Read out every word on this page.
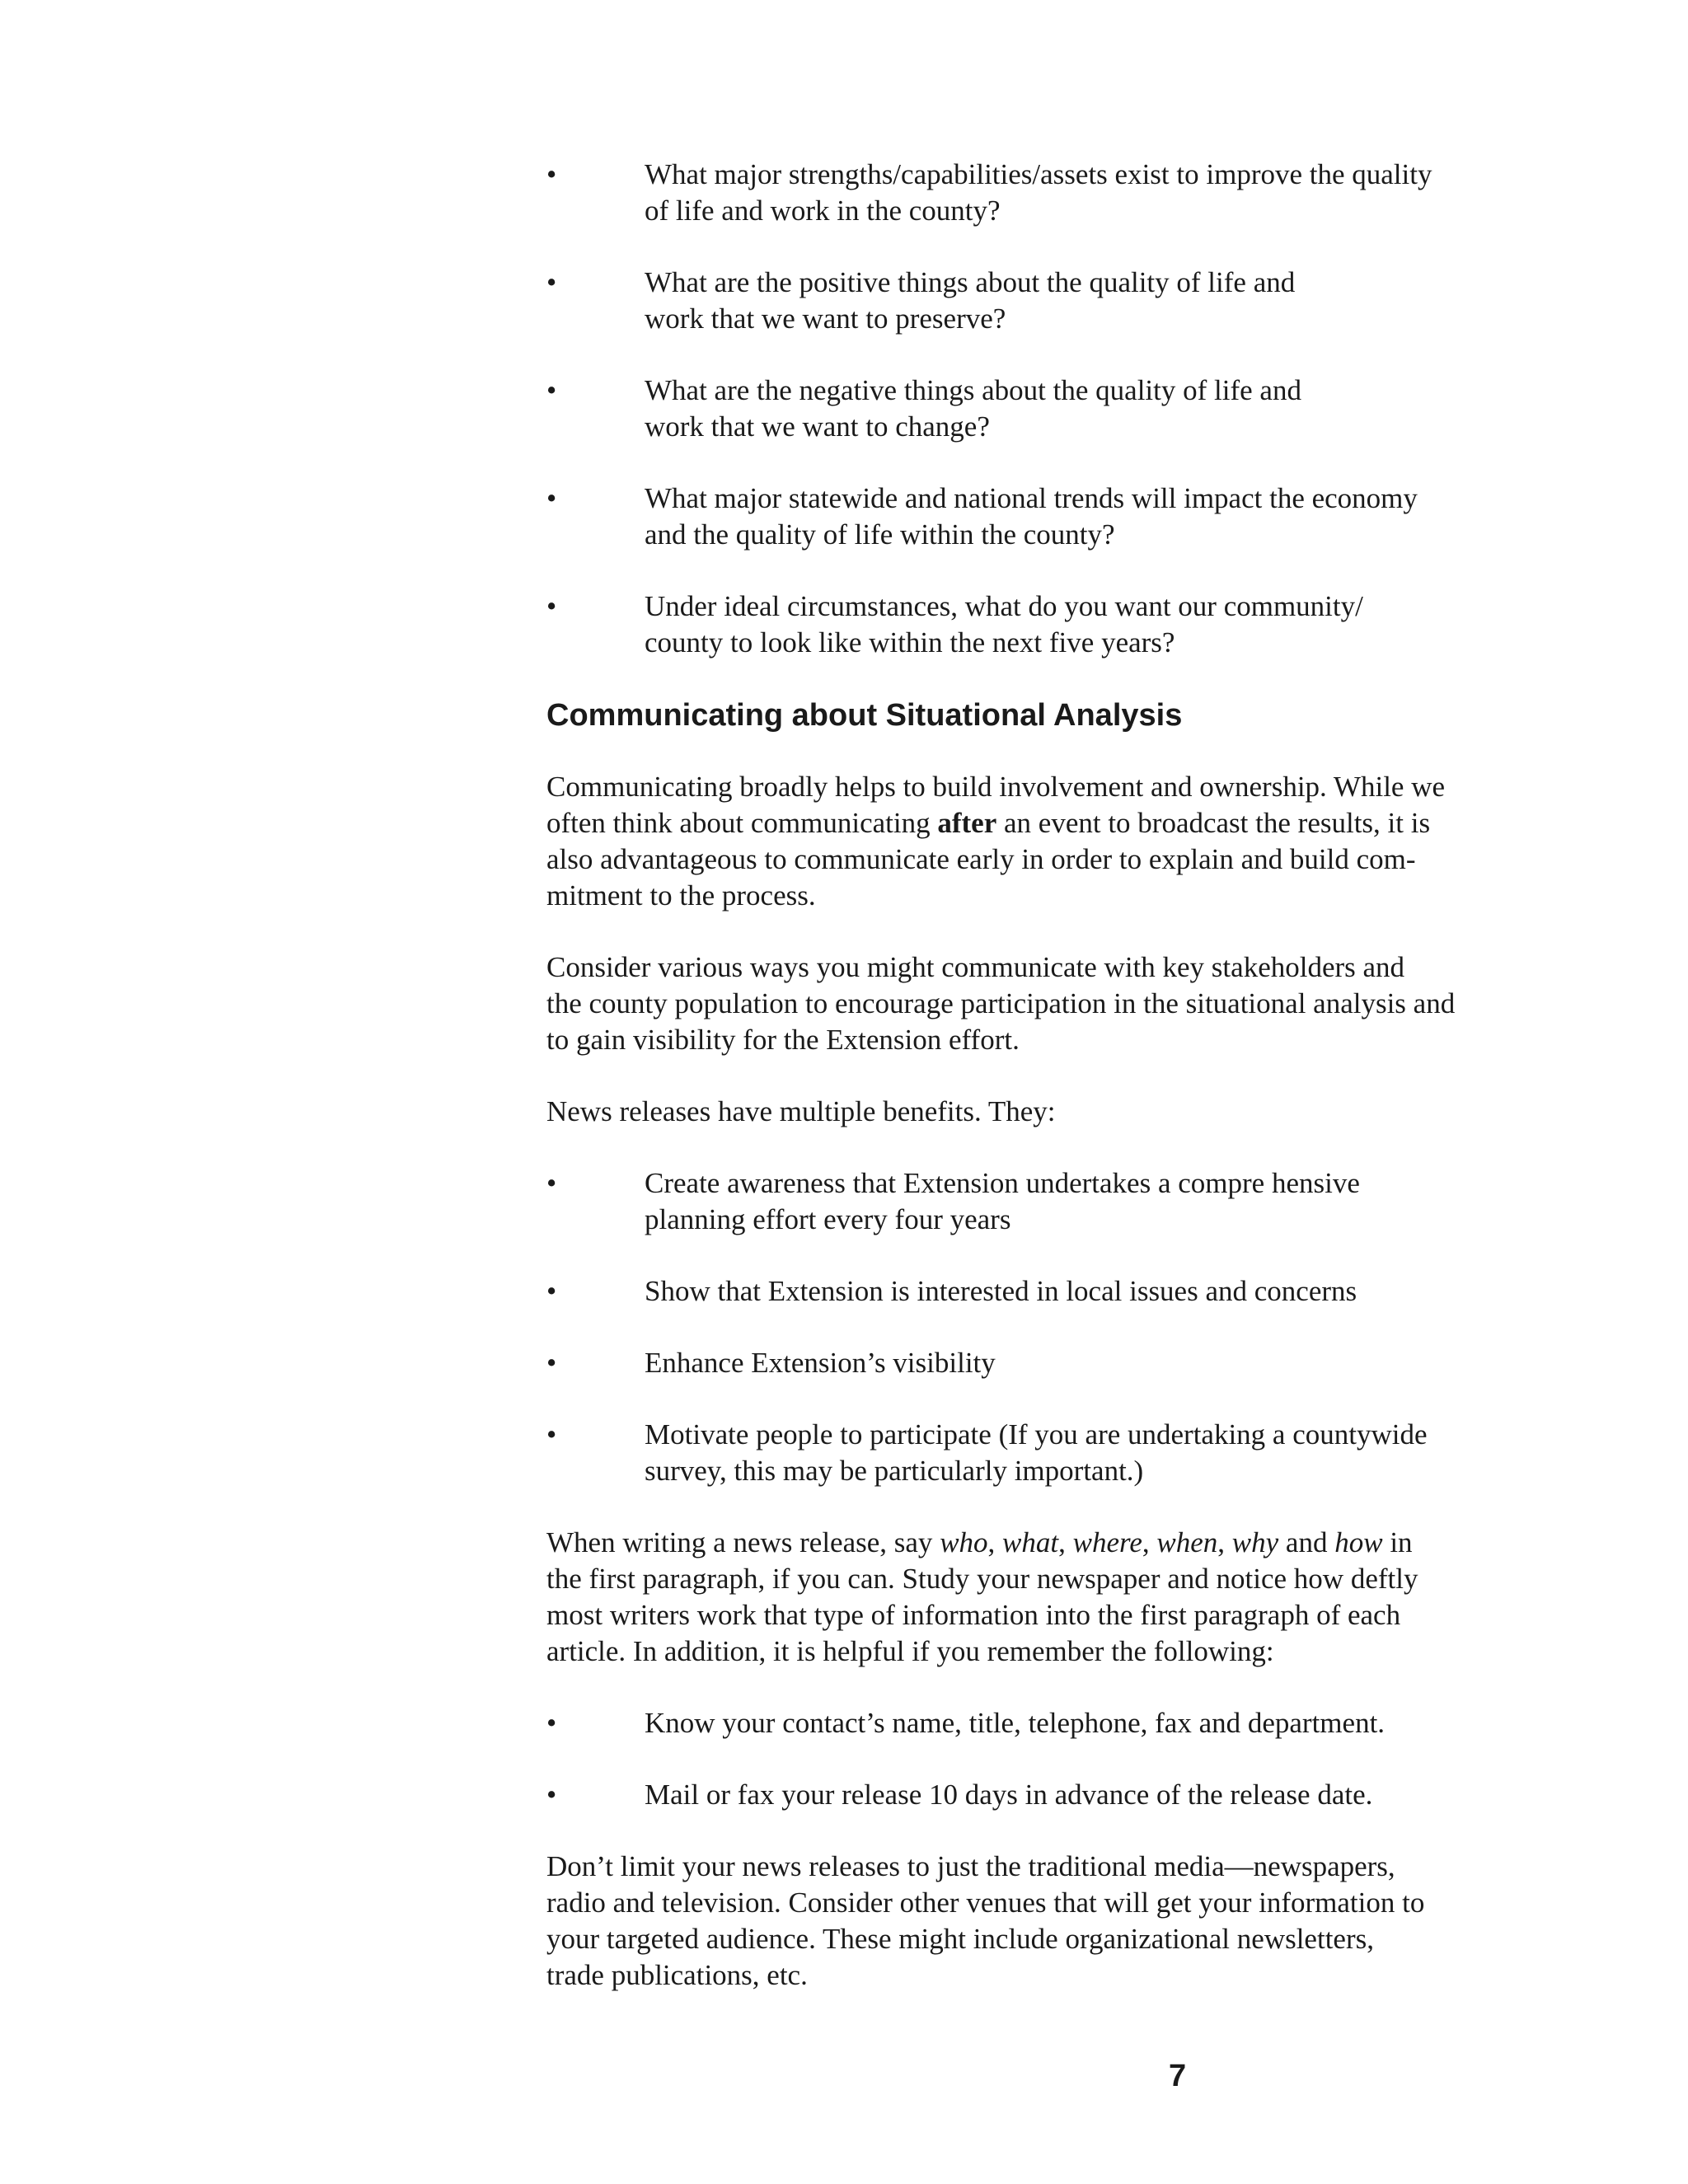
•	What major strengths/capabilities/assets exist to improve the quality
of life and work in the county?
•	What are the positive things about the quality of life and
work that we want to preserve?
•	What are the negative things about the quality of life and
work that we want to change?
•	What major statewide and national trends will impact the economy
and the quality of life within the county?
•	Under ideal circumstances, what do you want our community/
county to look like within the next five years?
Communicating about Situational Analysis

Communicating broadly helps to build involvement and ownership. While we
often think about communicating after an event to broadcast the results, it is
also advantageous to communicate early in order to explain and build com-
mitment to the process.

Consider various ways you might communicate with key stakeholders and
the county population to encourage participation in the situational analysis and
to gain visibility for the Extension effort.

News releases have multiple benefits. They:

•	Create awareness that Extension undertakes a compre hensive
planning effort every four years
•	Show that Extension is interested in local issues and concerns
•	Enhance Extension’s visibility
•	Motivate people to participate (If you are undertaking a countywide
survey, this may be particularly important.)

When writing a news release, say who, what, where, when, why and how in
the first paragraph, if you can. Study your newspaper and notice how deftly
most writers work that type of information into the first paragraph of each
article. In addition, it is helpful if you remember the following:

•	Know your contact’s name, title, telephone, fax and department.
•	Mail or fax your release 10 days in advance of the release date.

Don’t limit your news releases to just the traditional media—newspapers,
radio and television. Consider other venues that will get your information to
your targeted audience. These might include organizational newsletters,
trade publications, etc.

7
